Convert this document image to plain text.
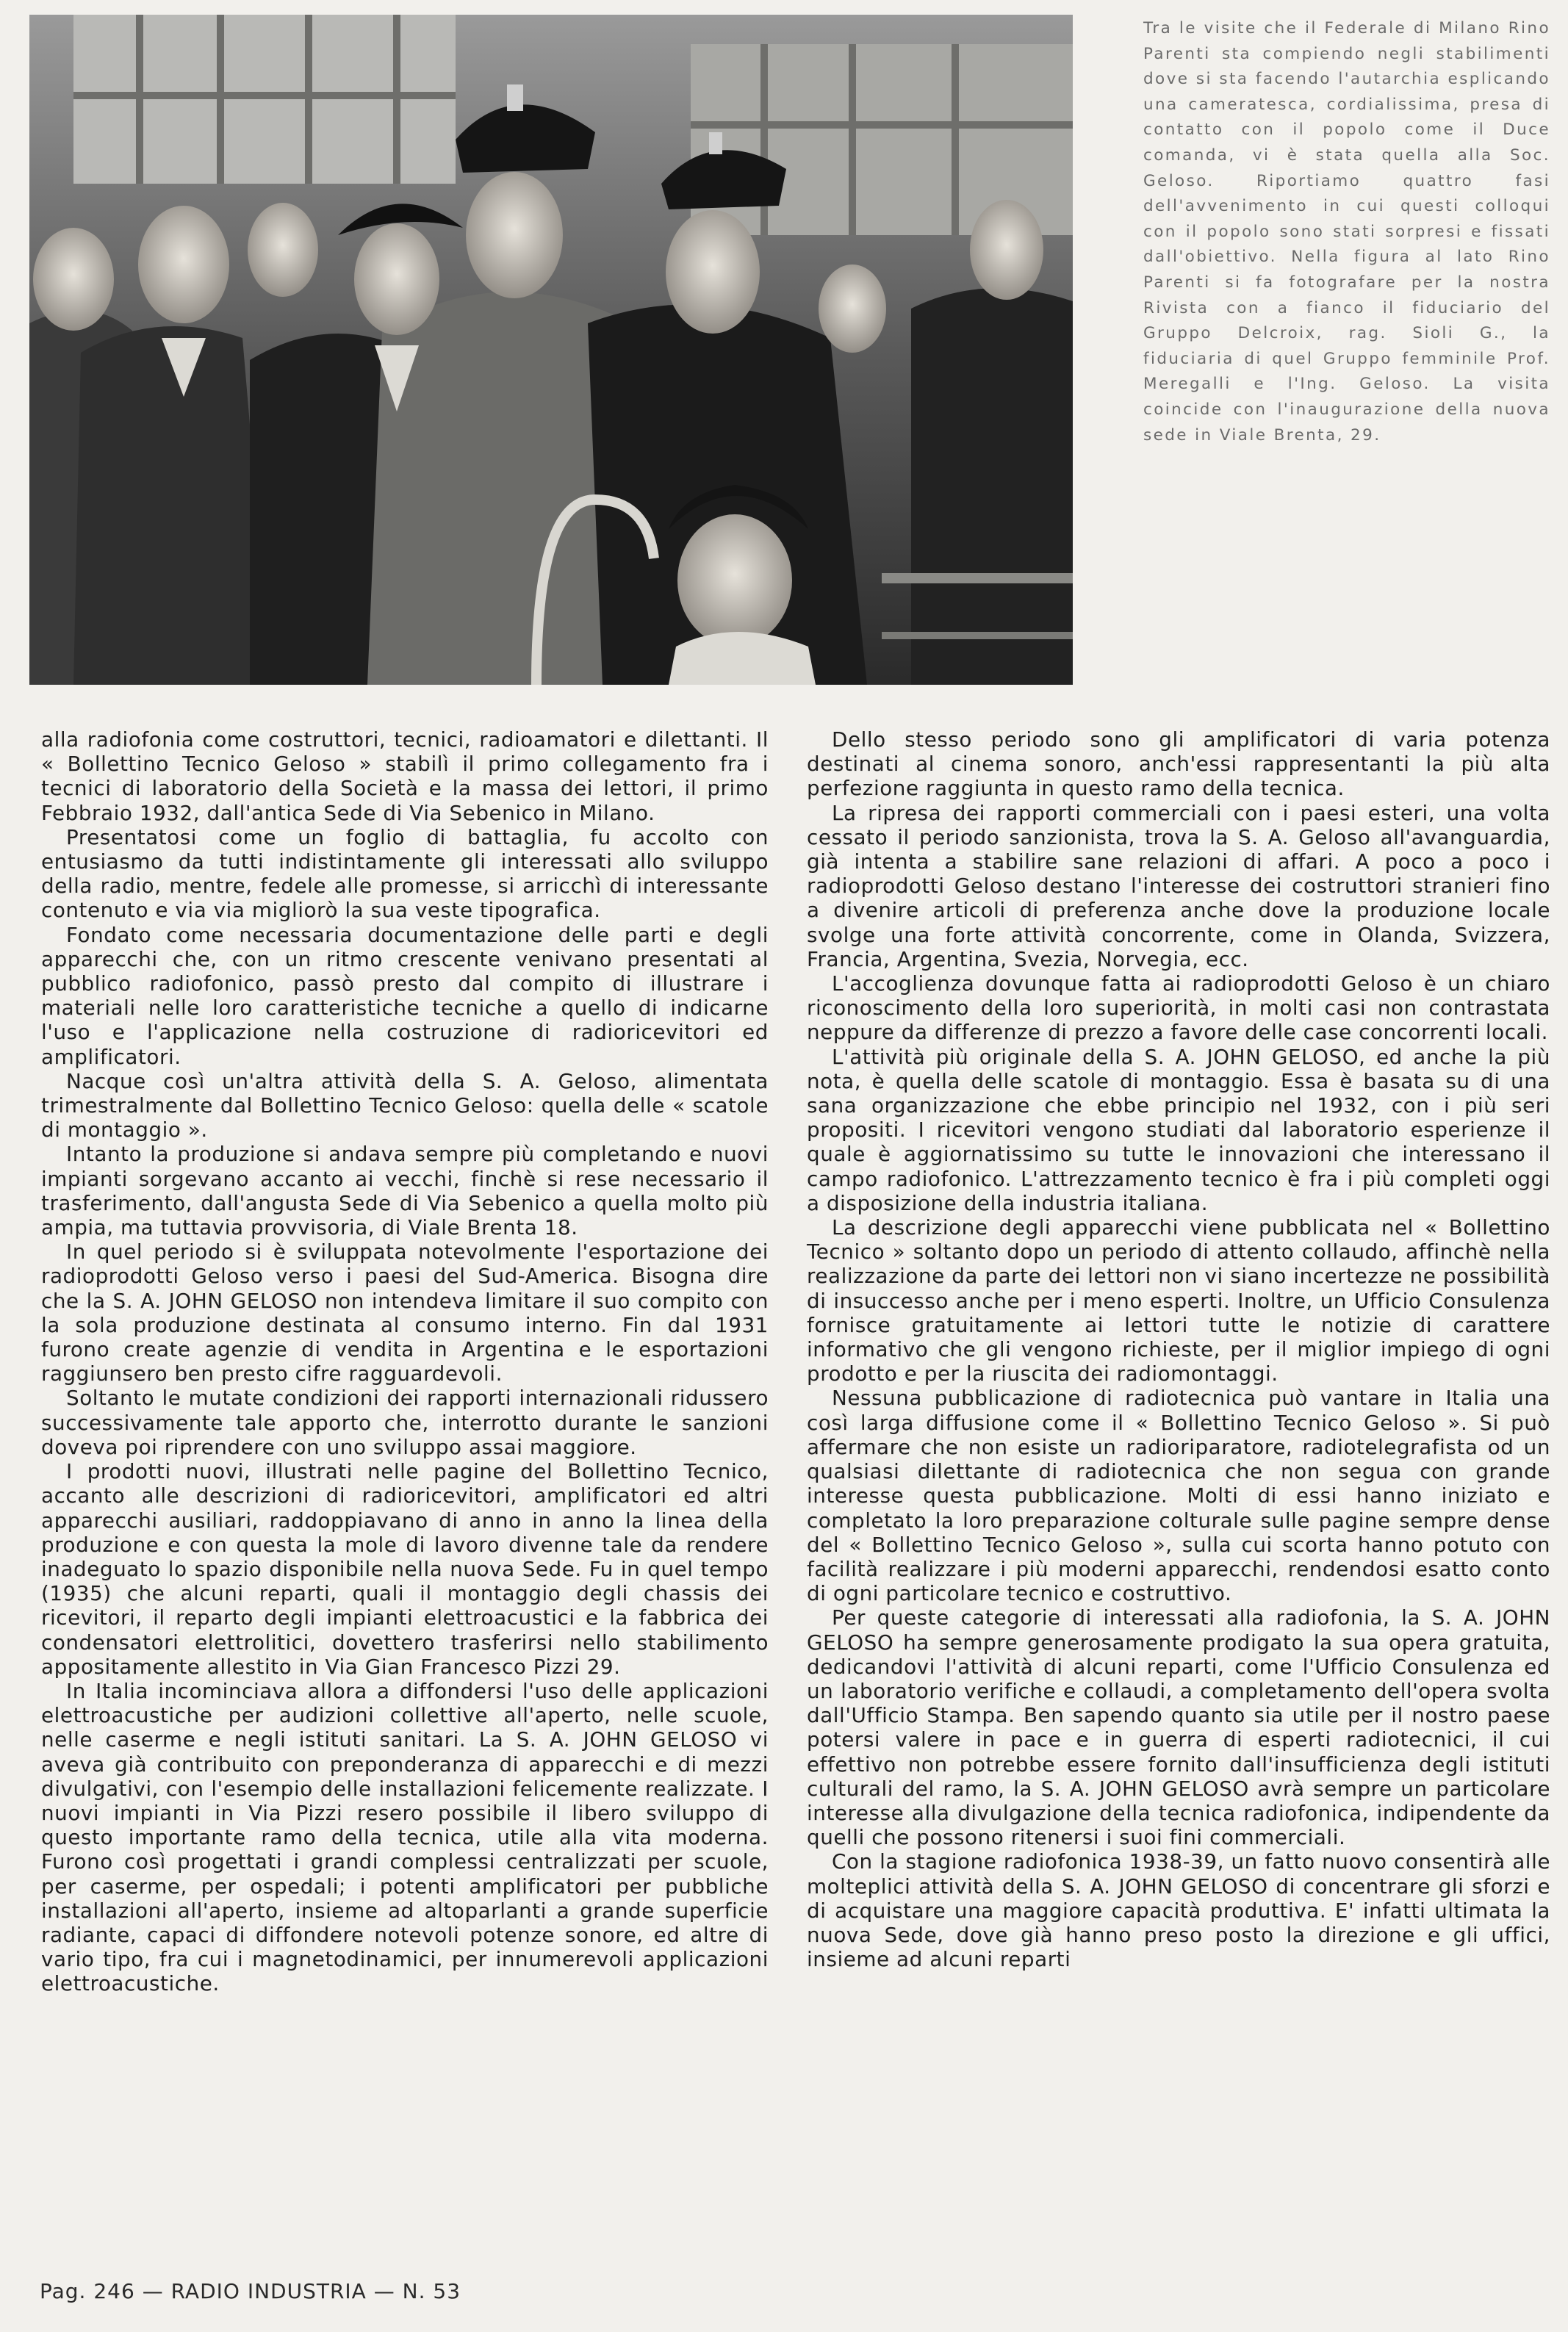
Tra le visite che il Federale di Milano Rino Parenti sta compiendo negli stabilimenti dove si sta facendo l'autarchia esplicando una cameratesca, cordialissima, presa di contatto con il popolo come il Duce comanda, vi è stata quella alla Soc. Geloso. Riportiamo quattro fasi dell'avvenimento in cui questi colloqui con il popolo sono stati sorpresi e fissati dall'obiettivo. Nella figura al lato Rino Parenti si fa fotografare per la nostra Rivista con a fianco il fiduciario del Gruppo Delcroix, rag. Sioli G., la fiduciaria di quel Gruppo femminile Prof. Meregalli e l'Ing. Geloso. La visita coincide con l'inaugurazione della nuova sede in Viale Brenta, 29.

alla radiofonia come costruttori, tecnici, radioamatori e dilettanti. Il « Bollettino Tecnico Geloso » stabilì il primo collegamento fra i tecnici di laboratorio della Società e la massa dei lettori, il primo Febbraio 1932, dall'antica Sede di Via Sebenico in Milano.

Presentatosi come un foglio di battaglia, fu accolto con entusiasmo da tutti indistintamente gli interessati allo sviluppo della radio, mentre, fedele alle promesse, si arricchì di interessante contenuto e via via migliorò la sua veste tipografica.

Fondato come necessaria documentazione delle parti e degli apparecchi che, con un ritmo crescente venivano presentati al pubblico radiofonico, passò presto dal compito di illustrare i materiali nelle loro caratteristiche tecniche a quello di indicarne l'uso e l'applicazione nella costruzione di radioricevitori ed amplificatori.

Nacque così un'altra attività della S. A. Geloso, alimentata trimestralmente dal Bollettino Tecnico Geloso: quella delle « scatole di montaggio ».

Intanto la produzione si andava sempre più completando e nuovi impianti sorgevano accanto ai vecchi, finchè si rese necessario il trasferimento, dall'angusta Sede di Via Sebenico a quella molto più ampia, ma tuttavia provvisoria, di Viale Brenta 18.

In quel periodo si è sviluppata notevolmente l'esportazione dei radioprodotti Geloso verso i paesi del Sud-America. Bisogna dire che la S. A. JOHN GELOSO non intendeva limitare il suo compito con la sola produzione destinata al consumo interno. Fin dal 1931 furono create agenzie di vendita in Argentina e le esportazioni raggiunsero ben presto cifre ragguardevoli.

Soltanto le mutate condizioni dei rapporti internazionali ridussero successivamente tale apporto che, interrotto durante le sanzioni doveva poi riprendere con uno sviluppo assai maggiore.

I prodotti nuovi, illustrati nelle pagine del Bollettino Tecnico, accanto alle descrizioni di radioricevitori, amplificatori ed altri apparecchi ausiliari, raddoppiavano di anno in anno la linea della produzione e con questa la mole di lavoro divenne tale da rendere inadeguato lo spazio disponibile nella nuova Sede. Fu in quel tempo (1935) che alcuni reparti, quali il montaggio degli chassis dei ricevitori, il reparto degli impianti elettroacustici e la fabbrica dei condensatori elettrolitici, dovettero trasferirsi nello stabilimento appositamente allestito in Via Gian Francesco Pizzi 29.

In Italia incominciava allora a diffondersi l'uso delle applicazioni elettroacustiche per audizioni collettive all'aperto, nelle scuole, nelle caserme e negli istituti sanitari. La S. A. JOHN GELOSO vi aveva già contribuito con preponderanza di apparecchi e di mezzi divulgativi, con l'esempio delle installazioni felicemente realizzate. I nuovi impianti in Via Pizzi resero possibile il libero sviluppo di questo importante ramo della tecnica, utile alla vita moderna. Furono così progettati i grandi complessi centralizzati per scuole, per caserme, per ospedali; i potenti amplificatori per pubbliche installazioni all'aperto, insieme ad altoparlanti a grande superficie radiante, capaci di diffondere notevoli potenze sonore, ed altre di vario tipo, fra cui i magnetodinamici, per innumerevoli applicazioni elettroacustiche.

Dello stesso periodo sono gli amplificatori di varia potenza destinati al cinema sonoro, anch'essi rappresentanti la più alta perfezione raggiunta in questo ramo della tecnica.

La ripresa dei rapporti commerciali con i paesi esteri, una volta cessato il periodo sanzionista, trova la S. A. Geloso all'avanguardia, già intenta a stabilire sane relazioni di affari. A poco a poco i radioprodotti Geloso destano l'interesse dei costruttori stranieri fino a divenire articoli di preferenza anche dove la produzione locale svolge una forte attività concorrente, come in Olanda, Svizzera, Francia, Argentina, Svezia, Norvegia, ecc.

L'accoglienza dovunque fatta ai radioprodotti Geloso è un chiaro riconoscimento della loro superiorità, in molti casi non contrastata neppure da differenze di prezzo a favore delle case concorrenti locali.

L'attività più originale della S. A. JOHN GELOSO, ed anche la più nota, è quella delle scatole di montaggio. Essa è basata su di una sana organizzazione che ebbe principio nel 1932, con i più seri propositi. I ricevitori vengono studiati dal laboratorio esperienze il quale è aggiornatissimo su tutte le innovazioni che interessano il campo radiofonico. L'attrezzamento tecnico è fra i più completi oggi a disposizione della industria italiana.

La descrizione degli apparecchi viene pubblicata nel « Bollettino Tecnico » soltanto dopo un periodo di attento collaudo, affinchè nella realizzazione da parte dei lettori non vi siano incertezze ne possibilità di insuccesso anche per i meno esperti. Inoltre, un Ufficio Consulenza fornisce gratuitamente ai lettori tutte le notizie di carattere informativo che gli vengono richieste, per il miglior impiego di ogni prodotto e per la riuscita dei radiomontaggi.

Nessuna pubblicazione di radiotecnica può vantare in Italia una così larga diffusione come il « Bollettino Tecnico Geloso ». Si può affermare che non esiste un radioriparatore, radiotelegrafista od un qualsiasi dilettante di radiotecnica che non segua con grande interesse questa pubblicazione. Molti di essi hanno iniziato e completato la loro preparazione colturale sulle pagine sempre dense del « Bollettino Tecnico Geloso », sulla cui scorta hanno potuto con facilità realizzare i più moderni apparecchi, rendendosi esatto conto di ogni particolare tecnico e costruttivo.

Per queste categorie di interessati alla radiofonia, la S. A. JOHN GELOSO ha sempre generosamente prodigato la sua opera gratuita, dedicandovi l'attività di alcuni reparti, come l'Ufficio Consulenza ed un laboratorio verifiche e collaudi, a completamento dell'opera svolta dall'Ufficio Stampa. Ben sapendo quanto sia utile per il nostro paese potersi valere in pace e in guerra di esperti radiotecnici, il cui effettivo non potrebbe essere fornito dall'insufficienza degli istituti culturali del ramo, la S. A. JOHN GELOSO avrà sempre un particolare interesse alla divulgazione della tecnica radiofonica, indipendente da quelli che possono ritenersi i suoi fini commerciali.

Con la stagione radiofonica 1938-39, un fatto nuovo consentirà alle molteplici attività della S. A. JOHN GELOSO di concentrare gli sforzi e di acquistare una maggiore capacità produttiva. E' infatti ultimata la nuova Sede, dove già hanno preso posto la direzione e gli uffici, insieme ad alcuni reparti

Pag. 246 — RADIO INDUSTRIA — N. 53
